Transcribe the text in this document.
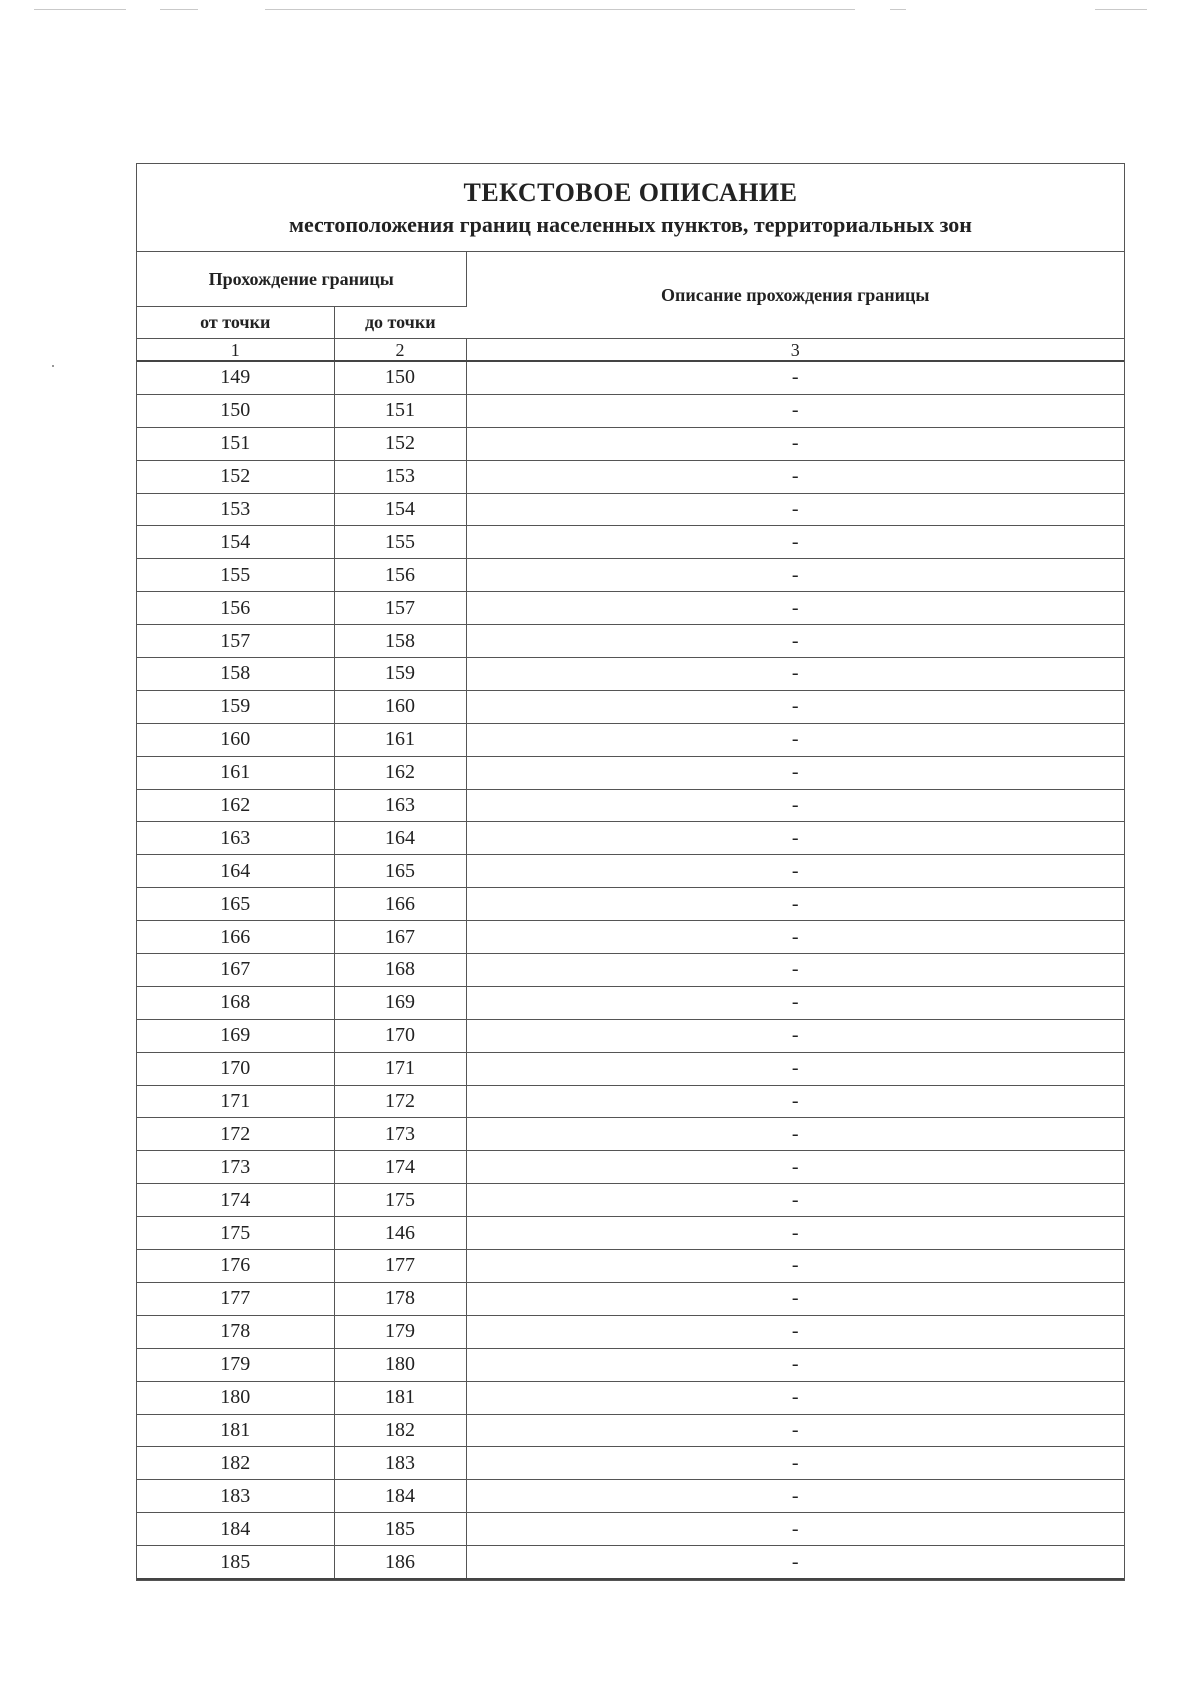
ТЕКСТОВОЕ ОПИСАНИЕ
местоположения границ населенных пунктов, территориальных зон
Прохождение границы		Описание прохождения границы
от точки	до точки	
1	2	3
149	150	-
150	151	-
151	152	-
152	153	-
153	154	-
154	155	-
155	156	-
156	157	-
157	158	-
158	159	-
159	160	-
160	161	-
161	162	-
162	163	-
163	164	-
164	165	-
165	166	-
166	167	-
167	168	-
168	169	-
169	170	-
170	171	-
171	172	-
172	173	-
173	174	-
174	175	-
175	146	-
176	177	-
177	178	-
178	179	-
179	180	-
180	181	-
181	182	-
182	183	-
183	184	-
184	185	-
185	186	-
